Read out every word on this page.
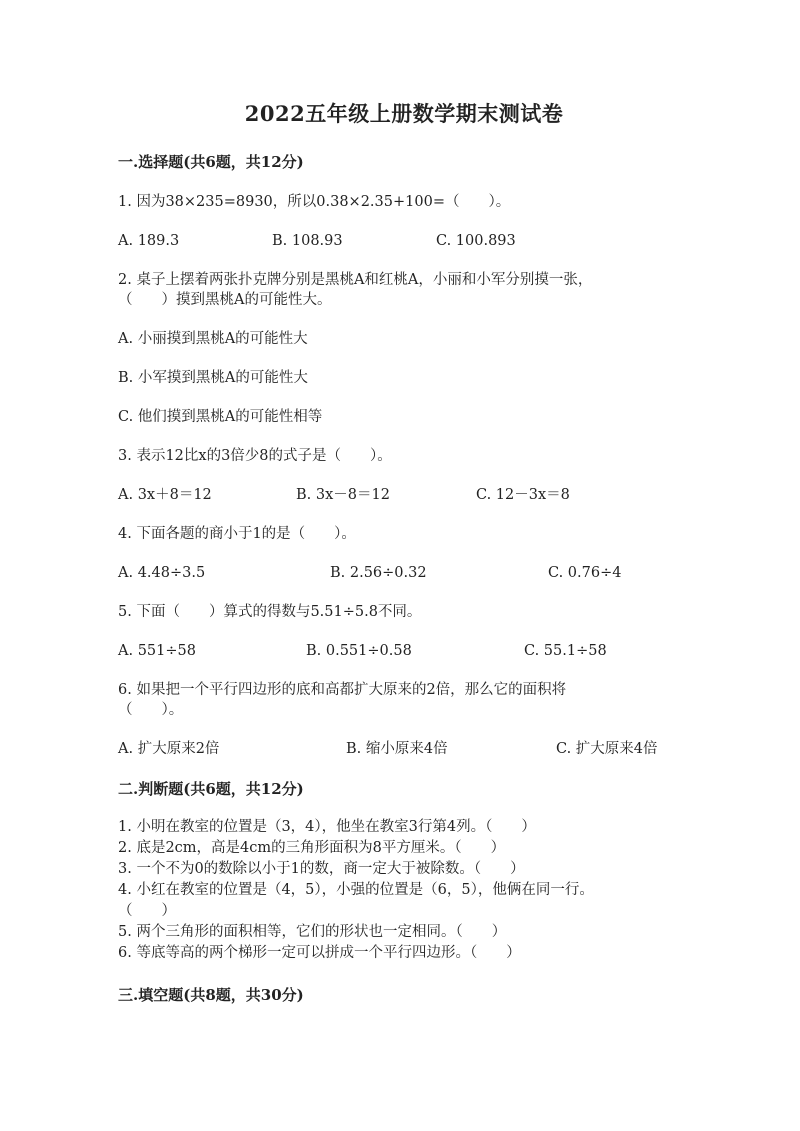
2022五年级上册数学期末测试卷

一.选择题(共6题，共12分)

1. 因为38×235=8930，所以0.38×2.35+100=（　　）。

A. 189.3	B. 108.93	C. 100.893

2. 桌子上摆着两张扑克牌分别是黑桃A和红桃A，小丽和小军分别摸一张，

（　　）摸到黑桃A的可能性大。

A. 小丽摸到黑桃A的可能性大

B. 小军摸到黑桃A的可能性大

C. 他们摸到黑桃A的可能性相等

3. 表示12比x的3倍少8的式子是（　　）。

A. 3x＋8＝12	B. 3x－8＝12	C. 12－3x＝8

4. 下面各题的商小于1的是（　　）。

A. 4.48÷3.5	B. 2.56÷0.32	C. 0.76÷4

5. 下面（　　）算式的得数与5.51÷5.8不同。

A. 551÷58	B. 0.551÷0.58	C. 55.1÷58

6. 如果把一个平行四边形的底和高都扩大原来的2倍，那么它的面积将

（　　）。

A. 扩大原来2倍	B. 缩小原来4倍	C. 扩大原来4倍

二.判断题(共6题，共12分)

1. 小明在教室的位置是（3，4），他坐在教室3行第4列。（　　）

2. 底是2cm，高是4cm的三角形面积为8平方厘米。（　　）

3. 一个不为0的数除以小于1的数，商一定大于被除数。（　　）

4. 小红在教室的位置是（4，5），小强的位置是（6，5），他俩在同一行。

（　　）

5. 两个三角形的面积相等，它们的形状也一定相同。（　　）

6. 等底等高的两个梯形一定可以拼成一个平行四边形。（　　）

三.填空题(共8题，共30分)
